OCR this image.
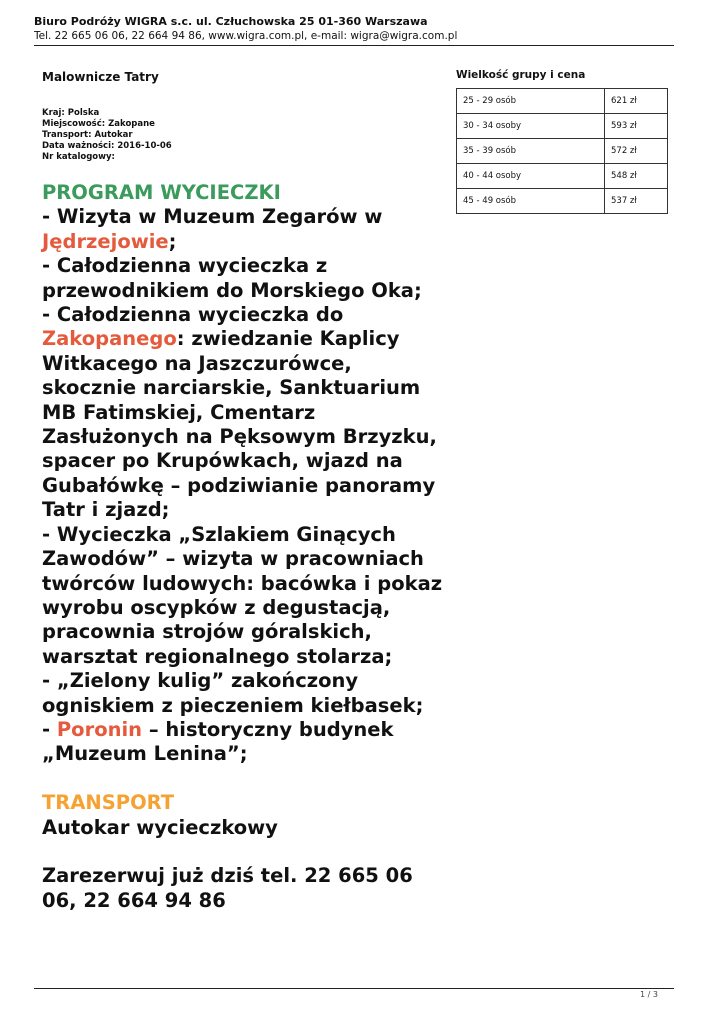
Biuro Podróży WIGRA s.c. ul. Człuchowska 25 01-360 Warszawa
Tel. 22 665 06 06, 22 664 94 86, www.wigra.com.pl, e-mail: wigra@wigra.com.pl
Malownicze Tatry
Kraj: Polska
Miejscowość: Zakopane
Transport: Autokar
Data ważności: 2016-10-06
Nr katalogowy:
Wielkość grupy i cena
25 - 29 osób	621 zł
30 - 34 osoby	593 zł
35 - 39 osób	572 zł
40 - 44 osoby	548 zł
45 - 49 osób	537 zł
PROGRAM WYCIECZKI
- Wizyta w Muzeum Zegarów w
Jędrzejowie;
- Całodzienna wycieczka z
przewodnikiem do Morskiego Oka;
- Całodzienna wycieczka do
Zakopanego: zwiedzanie Kaplicy
Witkacego na Jaszczurówce,
skocznie narciarskie, Sanktuarium
MB Fatimskiej, Cmentarz
Zasłużonych na Pęksowym Brzyzku,
spacer po Krupówkach, wjazd na
Gubałówkę – podziwianie panoramy
Tatr i zjazd;
- Wycieczka „Szlakiem Ginących
Zawodów” – wizyta w pracowniach
twórców ludowych: bacówka i pokaz
wyrobu oscypków z degustacją,
pracownia strojów góralskich,
warsztat regionalnego stolarza;
- „Zielony kulig” zakończony
ogniskiem z pieczeniem kiełbasek;
- Poronin – historyczny budynek
„Muzeum Lenina”;
TRANSPORT
Autokar wycieczkowy
Zarezerwuj już dziś tel. 22 665 06
06, 22 664 94 86
1 / 3
